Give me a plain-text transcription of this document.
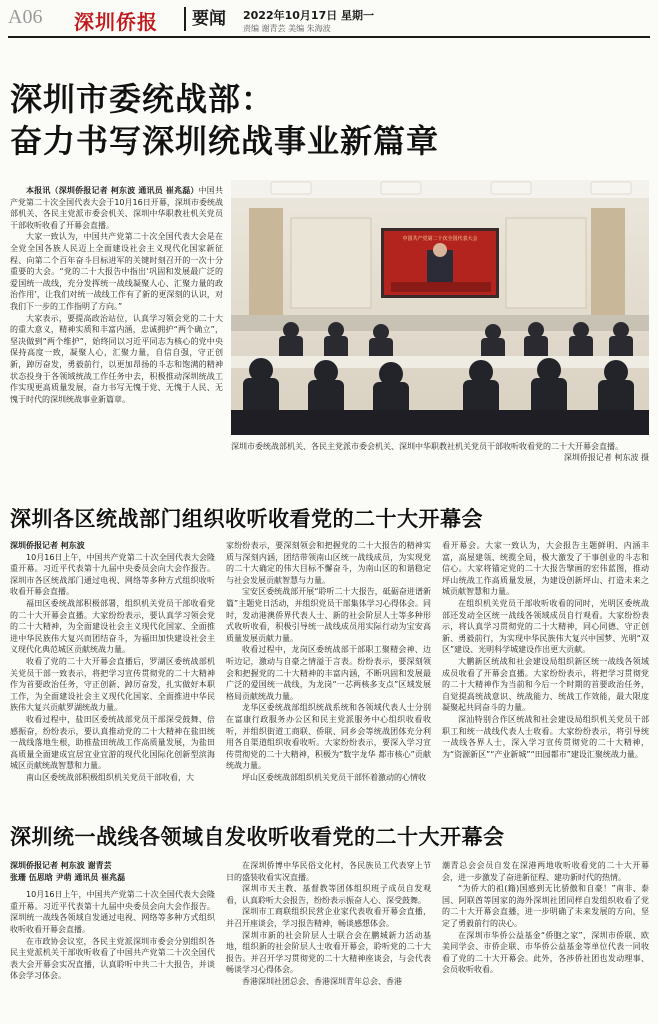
A06 深圳侨报	要闻 2022年10月17日 星期一
责编 谢青芸 美编 朱海波
深圳市委统战部：
奋力书写深圳统战事业新篇章

本报讯（深圳侨报记者 柯东波 通讯员 崔兆磊）中国共产党第二十次全国代表大会于10月16日开幕，深圳市委统战部机关、各民主党派市委会机关、深圳中华职教社机关党员干部收听收看了开幕会直播。

大家一致认为，中国共产党第二十次全国代表大会是在全党全国各族人民迈上全面建设社会主义现代化国家新征程、向第二个百年奋斗目标进军的关键时刻召开的一次十分重要的大会。“党的二十大报告中指出‘巩固和发展最广泛的爱国统一战线，充分发挥统一战线凝聚人心、汇聚力量的政治作用’，让我们对统一战线工作有了新的更深刻的认识，对我们下一步的工作指明了方向。”

大家表示，要提高政治站位，认真学习领会党的二十大的重大意义，精神实质和丰富内涵，忠诚拥护“两个确立”，坚决做到“两个维护”，始终同以习近平同志为核心的党中央保持高度一致，凝聚人心，汇聚力量，自信自强，守正创新，踔厉奋发，勇毅前行，以更加昂扬的斗志和饱满的精神状态投身于各领域统战工作任务中去，积极推动深圳统战工作实现更高质量发展，奋力书写无愧于党、无愧于人民、无愧于时代的深圳统战事业新篇章。

中国共产党第二十次全国代表大会
深圳市委统战部机关、各民主党派市委会机关、深圳中华职教社机关党员干部收听收看党的二十大开幕会直播。
深圳侨报记者 柯东波 摄
深圳各区统战部门组织收听收看党的二十大开幕会

深圳侨报记者 柯东波

10月16日上午，中国共产党第二十次全国代表大会隆重开幕。习近平代表第十九届中央委员会向大会作报告。深圳市各区统战部门通过电视、网络等多种方式组织收听收看开幕会直播。

福田区委统战部积极部署，组织机关党员干部收看党的二十大开幕会直播。大家纷纷表示，要认真学习领会党的二十大精神，为全面建设社会主义现代化国家、全面推进中华民族伟大复兴而团结奋斗，为福田加快建设社会主义现代化典范城区贡献统战力量。

收看了党的二十大开幕会直播后，罗湖区委统战部机关党员干部一致表示，将把学习宣传贯彻党的二十大精神作为首要政治任务，守正创新、踔厉奋发，扎实做好本职工作，为全面建设社会主义现代化国家、全面推进中华民族伟大复兴贡献罗湖统战力量。

收看过程中，盐田区委统战部党员干部深受鼓舞、倍感振奋，纷纷表示，要认真推动党的二十大精神在盐田统一战线落地生根，助推盐田统战工作高质量发展，为盐田高质量全面建成宜居宜业宜游的现代化国际化创新型滨海城区贡献统战智慧和力量。

南山区委统战部积极组织机关党员干部收看，大

家纷纷表示，要深刻领会和把握党的二十大报告的精神实质与深刻内涵，团结带领南山区统一战线成员，为实现党的二十大确定的伟大目标不懈奋斗，为南山区的和谐稳定与社会发展贡献智慧与力量。

宝安区委统战部开展“聆听二十大报告，砥砺奋进谱新篇”主题党日活动，并组织党员干部集体学习心得体会。同时，发动港澳侨界代表人士、新的社会阶层人士等多种形式收听收看，积极引导统一战线成员用实际行动为宝安高质量发展贡献力量。

收看过程中，龙岗区委统战部干部职工聚精会神、边听边记，激动与自豪之情溢于言表。纷纷表示，要深刻领会和把握党的二十大精神的丰富内涵，不断巩固和发展最广泛的爱国统一战线，为龙岗“一芯两核多支点”区域发展格局贡献统战力量。

龙华区委统战部组织统战系统和各领域代表人士分别在富康行政服务办公区和民主党派服务中心组织收看收听，并组织街道工商联、侨联、同乡会等统战团体充分利用各自渠道组织收看收听。大家纷纷表示，要深入学习宣传贯彻党的二十大精神，积极为“数字龙华 都市核心”贡献统战力量。

坪山区委统战部组织机关党员干部怀着激动的心情收

看开幕会。大家一致认为，大会报告主题鲜明、内涵丰富，高屋建瓴、统揽全局，极大激发了干事创业的斗志和信心。大家将锚定党的二十大报告擘画的宏伟蓝图，推动坪山统战工作高质量发展，为建设创新坪山、打造未来之城贡献智慧和力量。

在组织机关党员干部收听收看的同时，光明区委统战部还发动全区统一战线各领域成员自行观看。大家纷纷表示，将认真学习贯彻党的二十大精神，同心同德、守正创新、勇毅前行，为实现中华民族伟大复兴中国梦、光明“双区”建设、光明科学城建设作出更大贡献。

大鹏新区统战和社会建设局组织新区统一战线各领域成员收看了开幕会直播。大家纷纷表示，将把学习贯彻党的二十大精神作为当前和今后一个时期的首要政治任务，自觉提高统战意识、统战能力、统战工作效能，最大限度凝聚起共同奋斗的力量。

深汕特别合作区统战和社会建设局组织机关党员干部职工和统一战线代表人士收看。大家纷纷表示，将引导统一战线各界人士，深入学习宣传贯彻党的二十大精神，为“资源新区”“产业新城”“田园都市”建设汇聚统战力量。

深圳统一战线各领域自发收听收看党的二十大开幕会

深圳侨报记者 柯东波 谢青芸

张珊 伍思晗 尹萌 通讯员 崔兆磊

10月16日上午，中国共产党第二十次全国代表大会隆重开幕。习近平代表第十九届中央委员会向大会作报告。深圳统一战线各领域自发通过电视、网络等多种方式组织收听收看开幕会直播。

在市政协会议室，各民主党派深圳市委会分别组织各民主党派机关干部收听收看了中国共产党第二十次全国代表大会开幕会实况直播，认真聆听中共二十大报告，并谈体会学习体会。

在深圳侨博中华民俗文化村，各民族员工代表穿上节日的盛装收看实况直播。

深圳市天主教、基督教等团体组织班子成员自发观看，认真聆听大会报告，纷纷表示振奋人心、深受鼓舞。

深圳市工商联组织民营企业家代表收看开幕会直播，并召开座谈会，学习报告精神，畅谈感想体会。

深圳市新的社会阶层人士联合会在鹏城新力活动基地，组织新的社会阶层人士收看开幕会，聆听党的二十大报告。并召开学习贯彻党的二十大精神座谈会，与会代表畅谈学习心得体会。

香港深圳社团总会、香港深圳青年总会、香港

潮青总会会员自发在深港两地收听收看党的二十大开幕会，进一步激发了奋进新征程、建功新时代的热情。

“为侨大的祖(籍)国感到无比骄傲和自豪！”南非、泰国、阿联酋等国家的海外深圳社团同样自发组织收看了党的二十大开幕会直播，进一步明确了未来发展的方向，坚定了勇毅前行的决心。

在深圳市华侨公益基金“侨胞之家”，深圳市侨联、欧美同学会、市侨企联、市华侨公益基金等单位代表一同收看了党的二十大开幕会。此外，各涉侨社团也发动理事、会员收听收看。
